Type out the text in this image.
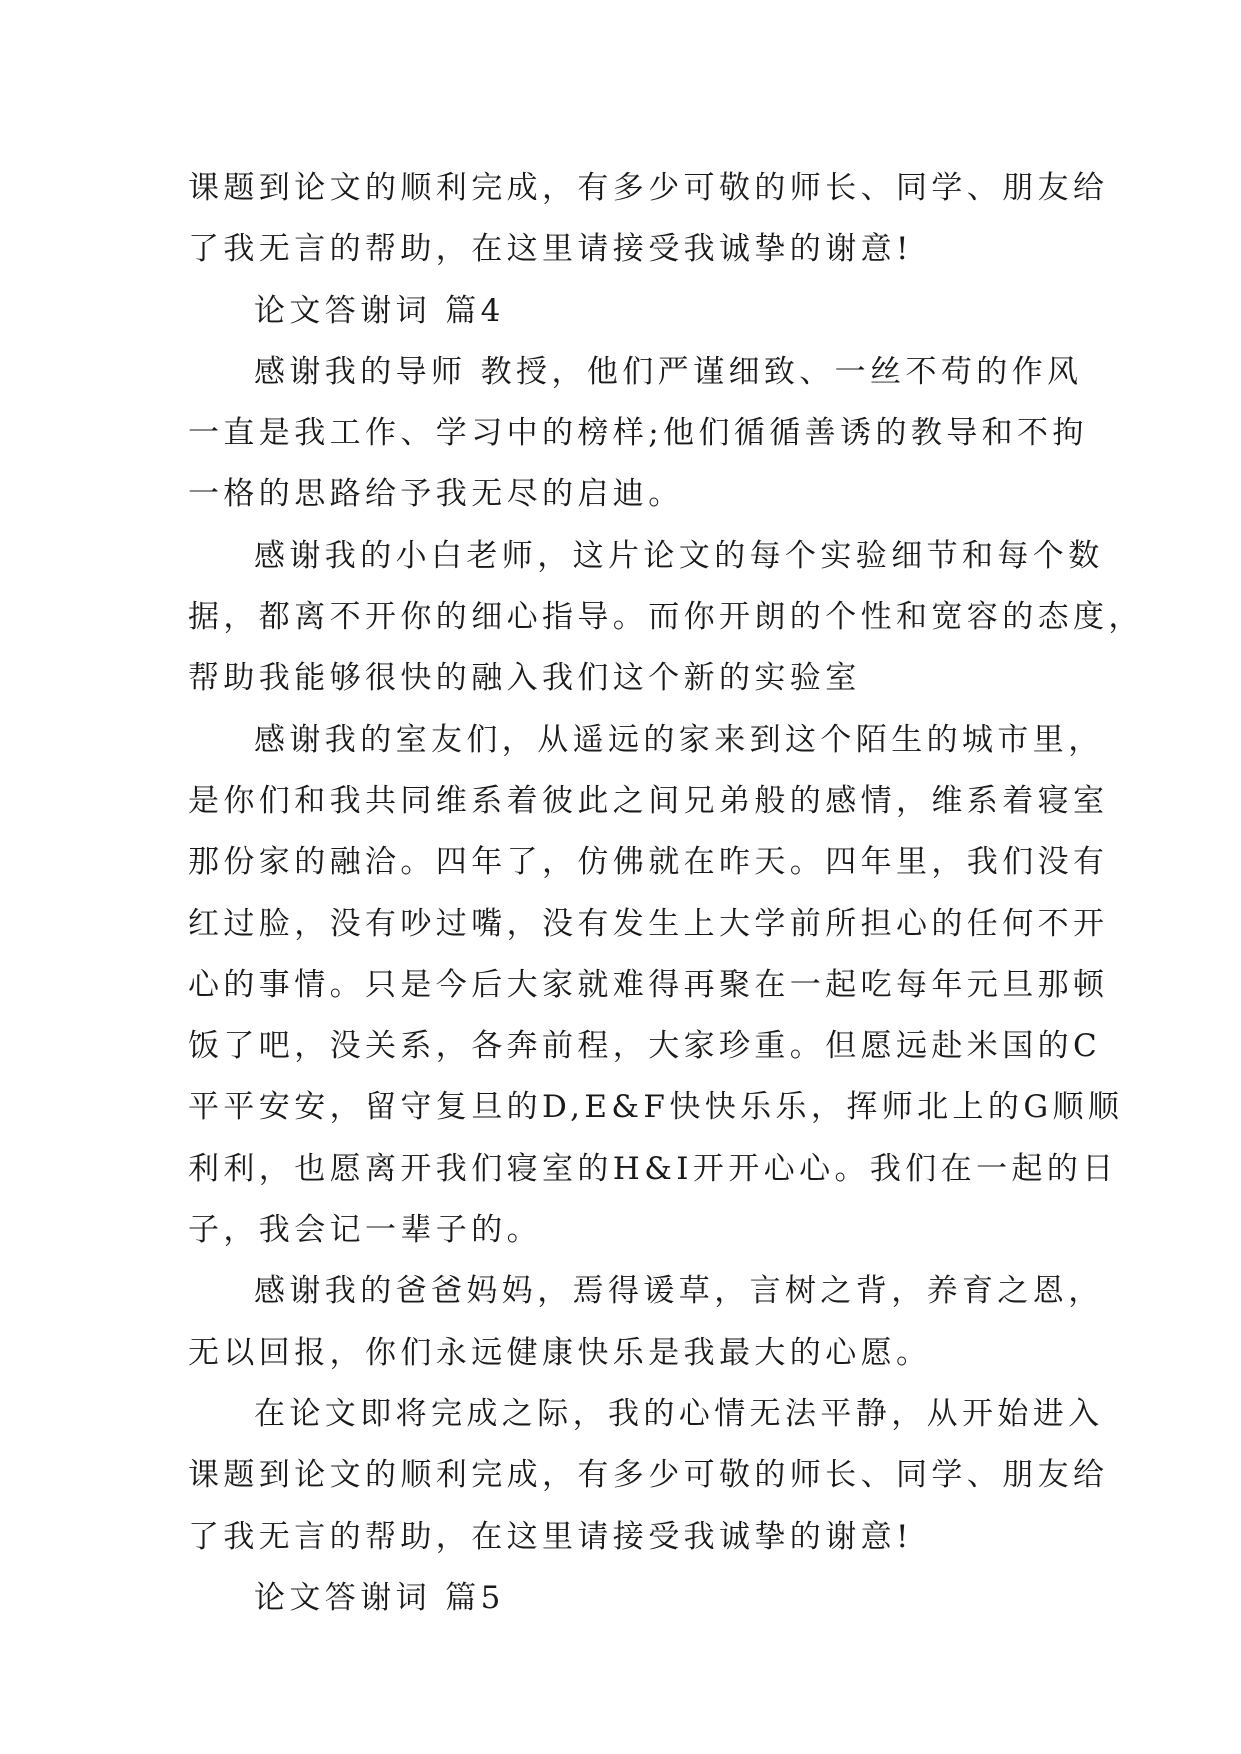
课题到论文的顺利完成，有多少可敬的师长、同学、朋友给
了我无言的帮助，在这里请接受我诚挚的谢意!
论文答谢词 篇4
感谢我的导师 教授，他们严谨细致、一丝不苟的作风
一直是我工作、学习中的榜样;他们循循善诱的教导和不拘
一格的思路给予我无尽的启迪。
感谢我的小白老师，这片论文的每个实验细节和每个数
据，都离不开你的细心指导。而你开朗的个性和宽容的态度，
帮助我能够很快的融入我们这个新的实验室
感谢我的室友们，从遥远的家来到这个陌生的城市里，
是你们和我共同维系着彼此之间兄弟般的感情，维系着寝室
那份家的融洽。四年了，仿佛就在昨天。四年里，我们没有
红过脸，没有吵过嘴，没有发生上大学前所担心的任何不开
心的事情。只是今后大家就难得再聚在一起吃每年元旦那顿
饭了吧，没关系，各奔前程，大家珍重。但愿远赴米国的C
平平安安，留守复旦的D,E&F快快乐乐，挥师北上的G顺顺
利利，也愿离开我们寝室的H&I开开心心。我们在一起的日
子，我会记一辈子的。
感谢我的爸爸妈妈，焉得谖草，言树之背，养育之恩，
无以回报，你们永远健康快乐是我最大的心愿。
在论文即将完成之际，我的心情无法平静，从开始进入
课题到论文的顺利完成，有多少可敬的师长、同学、朋友给
了我无言的帮助，在这里请接受我诚挚的谢意!
论文答谢词 篇5
